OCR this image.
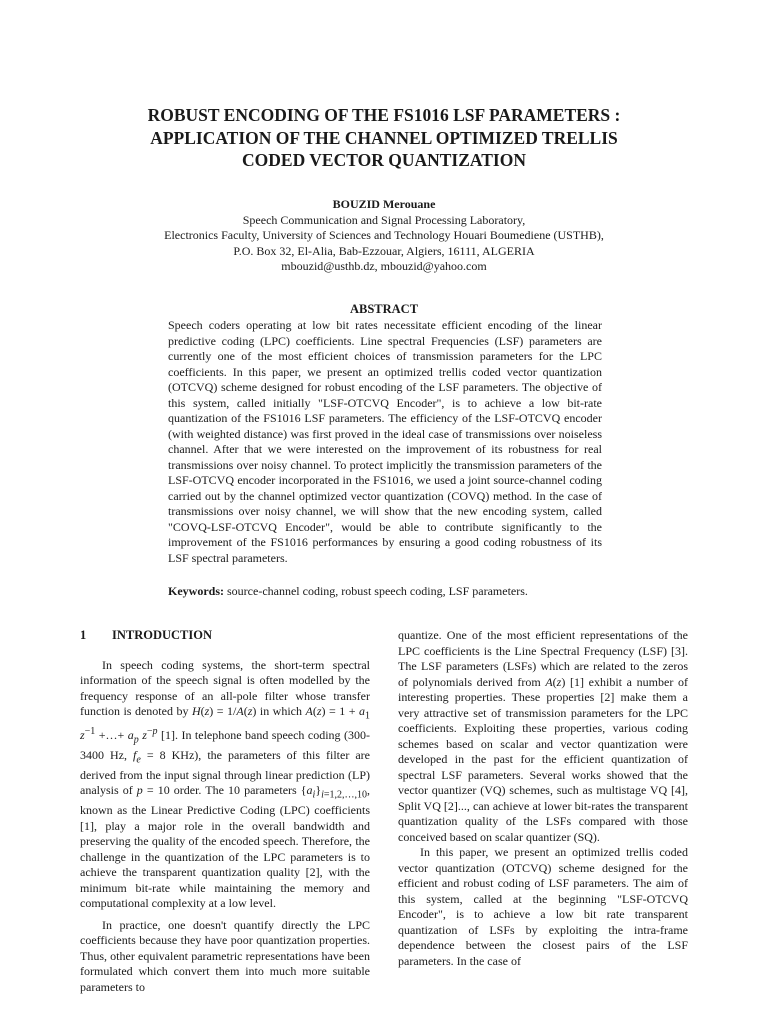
ROBUST ENCODING OF THE FS1016 LSF PARAMETERS :
APPLICATION OF THE CHANNEL OPTIMIZED TRELLIS
CODED VECTOR QUANTIZATION
BOUZID Merouane
Speech Communication and Signal Processing Laboratory,
Electronics Faculty, University of Sciences and Technology Houari Boumediene (USTHB),
P.O. Box 32, El-Alia, Bab-Ezzouar, Algiers, 16111, ALGERIA
mbouzid@usthb.dz, mbouzid@yahoo.com
ABSTRACT
Speech coders operating at low bit rates necessitate efficient encoding of the linear predictive coding (LPC) coefficients. Line spectral Frequencies (LSF) parameters are currently one of the most efficient choices of transmission parameters for the LPC coefficients. In this paper, we present an optimized trellis coded vector quantization (OTCVQ) scheme designed for robust encoding of the LSF parameters. The objective of this system, called initially "LSF-OTCVQ Encoder", is to achieve a low bit-rate quantization of the FS1016 LSF parameters. The efficiency of the LSF-OTCVQ encoder (with weighted distance) was first proved in the ideal case of transmissions over noiseless channel. After that we were interested on the improvement of its robustness for real transmissions over noisy channel. To protect implicitly the transmission parameters of the LSF-OTCVQ encoder incorporated in the FS1016, we used a joint source-channel coding carried out by the channel optimized vector quantization (COVQ) method. In the case of transmissions over noisy channel, we will show that the new encoding system, called "COVQ-LSF-OTCVQ Encoder", would be able to contribute significantly to the improvement of the FS1016 performances by ensuring a good coding robustness of its LSF spectral parameters.
Keywords: source-channel coding, robust speech coding, LSF parameters.
1 INTRODUCTION

In speech coding systems, the short-term spectral information of the speech signal is often modelled by the frequency response of an all-pole filter whose transfer function is denoted by H(z) = 1/A(z) in which $A(z) = 1 + a_1$ $z^{-1}$ +…+ $a_p$ $z^{-p}$ [1]. In telephone band speech coding (300-3400 Hz, $f_e = 8$ KHz), the parameters of this filter are derived from the input signal through linear prediction (LP) analysis of p = 10 order. The 10 parameters $\{a_i\}_{i=1,2,\dots,10}$, known as the Linear Predictive Coding (LPC) coefficients [1], play a major role in the overall bandwidth and preserving the quality of the encoded speech. Therefore, the challenge in the quantization of the LPC parameters is to achieve the transparent quantization quality [2], with the minimum bit-rate while maintaining the memory and computational complexity at a low level.

In practice, one doesn't quantify directly the LPC coefficients because they have poor quantization properties. Thus, other equivalent parametric representations have been formulated which convert them into much more suitable parameters to

quantize. One of the most efficient representations of the LPC coefficients is the Line Spectral Frequency (LSF) [3]. The LSF parameters (LSFs) which are related to the zeros of polynomials derived from A(z) [1] exhibit a number of interesting properties. These properties [2] make them a very attractive set of transmission parameters for the LPC coefficients. Exploiting these properties, various coding schemes based on scalar and vector quantization were developed in the past for the efficient quantization of spectral LSF parameters. Several works showed that the vector quantizer (VQ) schemes, such as multistage VQ [4], Split VQ [2]..., can achieve at lower bit-rates the transparent quantization quality of the LSFs compared with those conceived based on scalar quantizer (SQ).

In this paper, we present an optimized trellis coded vector quantization (OTCVQ) scheme designed for the efficient and robust coding of LSF parameters. The aim of this system, called at the beginning "LSF-OTCVQ Encoder", is to achieve a low bit rate transparent quantization of LSFs by exploiting the intra-frame dependence between the closest pairs of the LSF parameters. In the case of
